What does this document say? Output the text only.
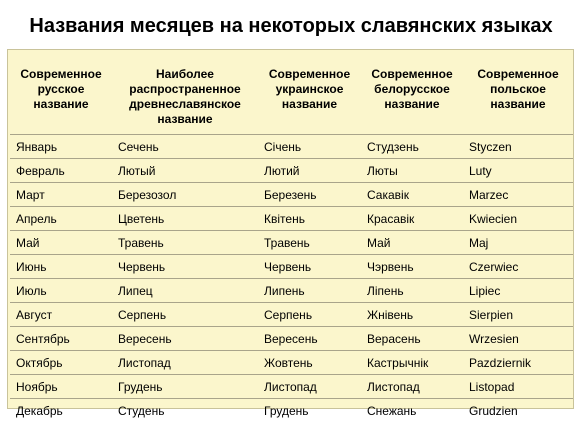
Названия месяцев на некоторых славянских языках
Современное русское название	Наиболее распространенное древнеславянское название	Современное украинское название	Современное белорусское название	Современное польское название
Январь	Сечень	Січень	Студзень	Styczen
Февраль	Лютый	Лютий	Люты	Luty
Март	Березозол	Березень	Сакавік	Marzec
Апрель	Цветень	Квітень	Красавік	Kwiecien
Май	Травень	Травень	Май	Maj
Июнь	Червень	Червень	Чэрвень	Czerwiec
Июль	Липец	Липень	Лiпень	Lipiec
Август	Серпень	Серпень	Жнівень	Sierpien
Сентябрь	Вересень	Вересень	Верасень	Wrzesien
Октябрь	Листопад	Жовтень	Кастрычнік	Pazdziernik
Ноябрь	Грудень	Листопад	Листопад	Listopad
Декабрь	Студень	Грудень	Снежань	Grudzien
